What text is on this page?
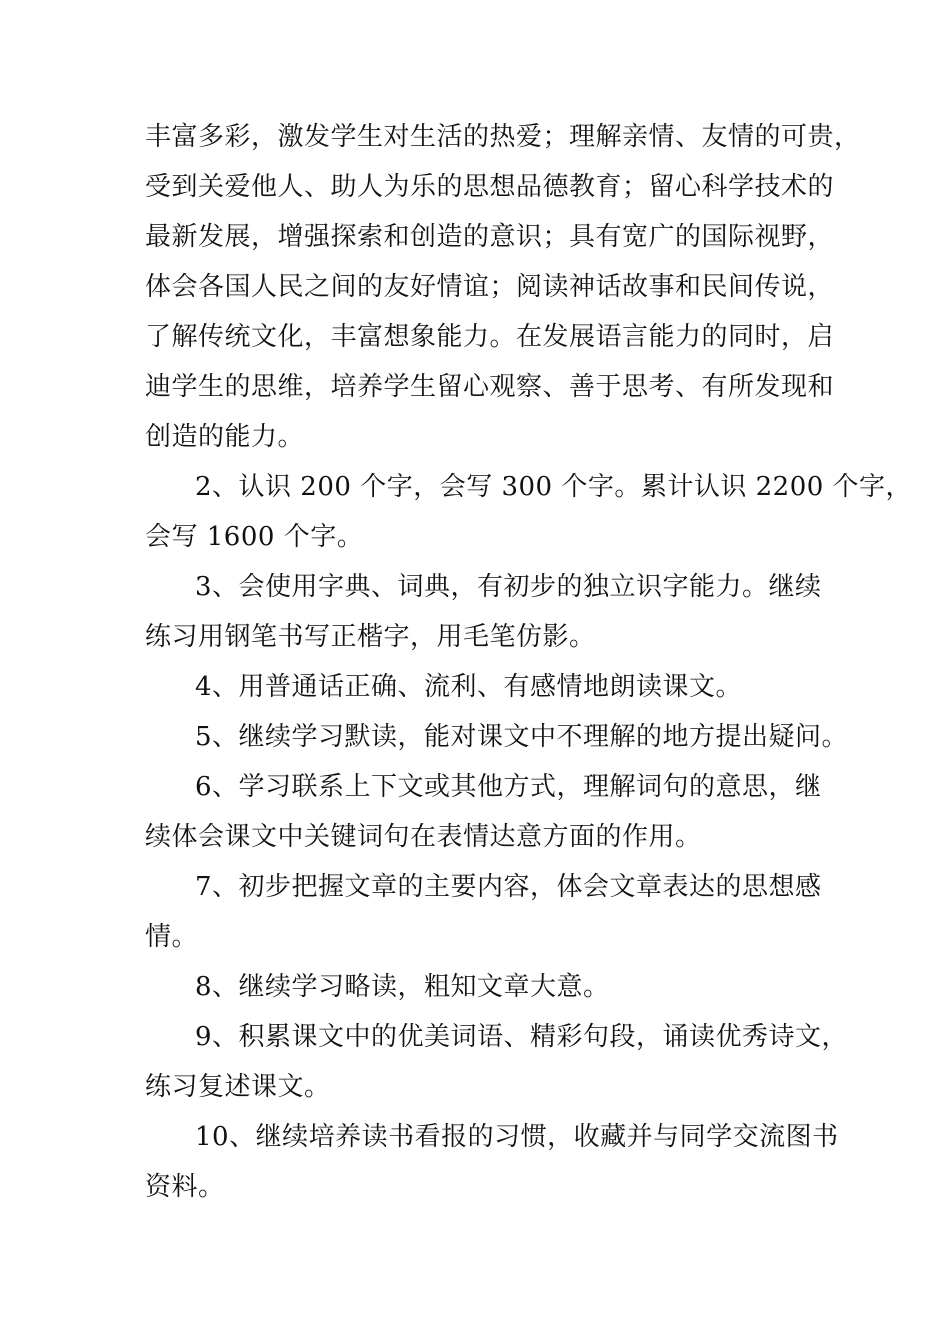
丰富多彩，激发学生对生活的热爱；理解亲情、友情的可贵，
受到关爱他人、助人为乐的思想品德教育；留心科学技术的
最新发展，增强探索和创造的意识；具有宽广的国际视野，
体会各国人民之间的友好情谊；阅读神话故事和民间传说，
了解传统文化，丰富想象能力。在发展语言能力的同时，启
迪学生的思维，培养学生留心观察、善于思考、有所发现和
创造的能力。

2、认识 200 个字，会写 300 个字。累计认识 2200 个字，
会写 1600 个字。

3、会使用字典、词典，有初步的独立识字能力。继续
练习用钢笔书写正楷字，用毛笔仿影。

4、用普通话正确、流利、有感情地朗读课文。

5、继续学习默读，能对课文中不理解的地方提出疑问。

6、学习联系上下文或其他方式，理解词句的意思，继
续体会课文中关键词句在表情达意方面的作用。

7、初步把握文章的主要内容，体会文章表达的思想感
情。

8、继续学习略读，粗知文章大意。

9、积累课文中的优美词语、精彩句段，诵读优秀诗文，
练习复述课文。

10、继续培养读书看报的习惯，收藏并与同学交流图书
资料。
